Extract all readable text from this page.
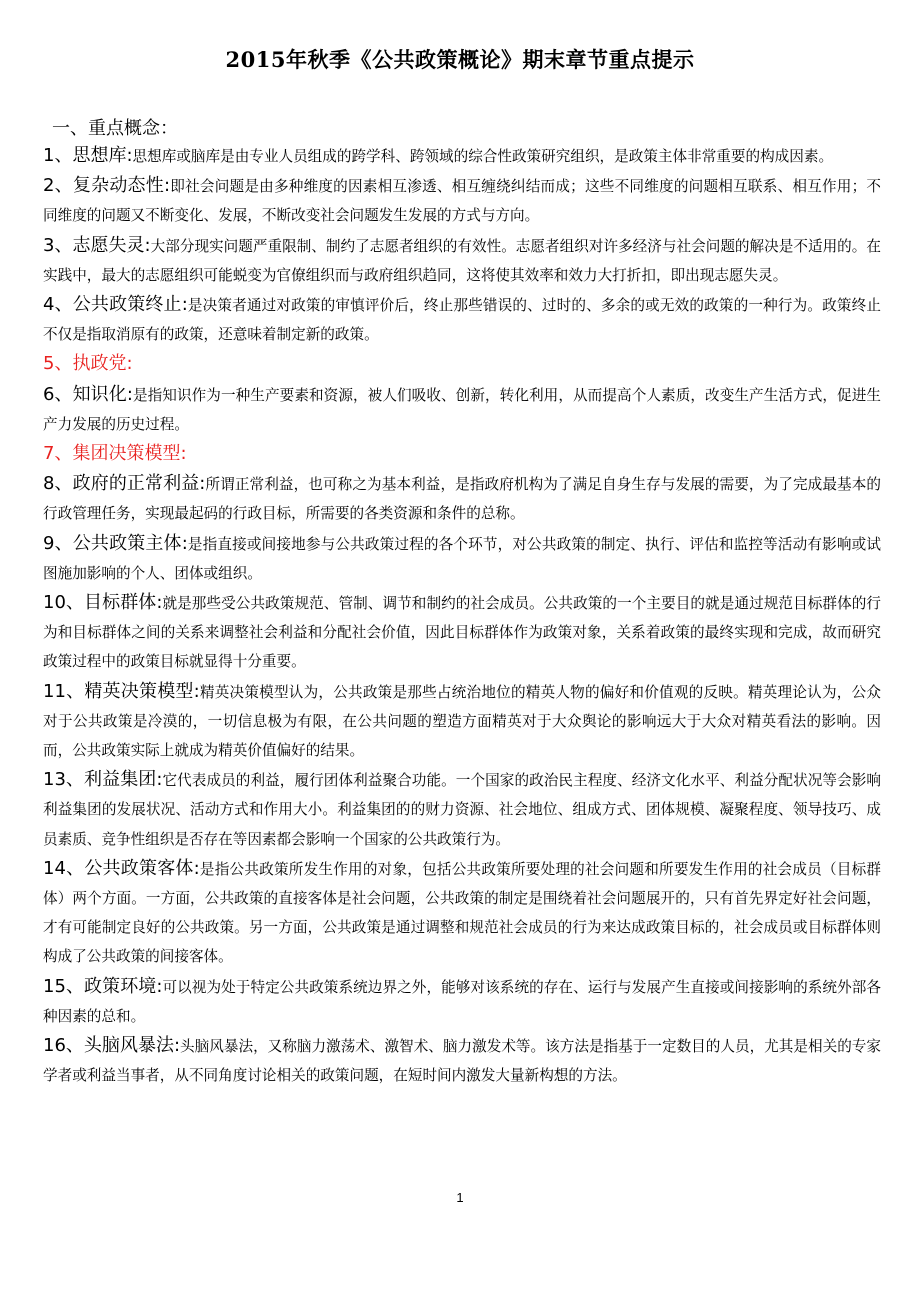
2015年秋季《公共政策概论》期末章节重点提示
一、重点概念：

1、思想库:思想库或脑库是由专业人员组成的跨学科、跨领域的综合性政策研究组织，是政策主体非常重要的构成因素。

2、复杂动态性:即社会问题是由多种维度的因素相互渗透、相互缠绕纠结而成；这些不同维度的问题相互联系、相互作用；不同维度的问题又不断变化、发展，不断改变社会问题发生发展的方式与方向。

3、志愿失灵:大部分现实问题严重限制、制约了志愿者组织的有效性。志愿者组织对许多经济与社会问题的解决是不适用的。在实践中，最大的志愿组织可能蜕变为官僚组织而与政府组织趋同，这将使其效率和效力大打折扣，即出现志愿失灵。

4、公共政策终止:是决策者通过对政策的审慎评价后，终止那些错误的、过时的、多余的或无效的政策的一种行为。政策终止不仅是指取消原有的政策，还意味着制定新的政策。

5、执政党:

6、知识化:是指知识作为一种生产要素和资源，被人们吸收、创新，转化利用，从而提高个人素质，改变生产生活方式，促进生产力发展的历史过程。

7、集团决策模型:

8、政府的正常利益:所谓正常利益，也可称之为基本利益，是指政府机构为了满足自身生存与发展的需要，为了完成最基本的行政管理任务，实现最起码的行政目标，所需要的各类资源和条件的总称。

9、公共政策主体:是指直接或间接地参与公共政策过程的各个环节，对公共政策的制定、执行、评估和监控等活动有影响或试图施加影响的个人、团体或组织。

10、目标群体:就是那些受公共政策规范、管制、调节和制约的社会成员。公共政策的一个主要目的就是通过规范目标群体的行为和目标群体之间的关系来调整社会利益和分配社会价值，因此目标群体作为政策对象，关系着政策的最终实现和完成，故而研究政策过程中的政策目标就显得十分重要。

11、精英决策模型:精英决策模型认为，公共政策是那些占统治地位的精英人物的偏好和价值观的反映。精英理论认为，公众对于公共政策是冷漠的，一切信息极为有限，在公共问题的塑造方面精英对于大众舆论的影响远大于大众对精英看法的影响。因而，公共政策实际上就成为精英价值偏好的结果。

13、利益集团:它代表成员的利益，履行团体利益聚合功能。一个国家的政治民主程度、经济文化水平、利益分配状况等会影响利益集团的发展状况、活动方式和作用大小。利益集团的的财力资源、社会地位、组成方式、团体规模、凝聚程度、领导技巧、成员素质、竞争性组织是否存在等因素都会影响一个国家的公共政策行为。

14、公共政策客体:是指公共政策所发生作用的对象，包括公共政策所要处理的社会问题和所要发生作用的社会成员（目标群体）两个方面。一方面，公共政策的直接客体是社会问题，公共政策的制定是围绕着社会问题展开的，只有首先界定好社会问题，才有可能制定良好的公共政策。另一方面，公共政策是通过调整和规范社会成员的行为来达成政策目标的，社会成员或目标群体则构成了公共政策的间接客体。

15、政策环境:可以视为处于特定公共政策系统边界之外，能够对该系统的存在、运行与发展产生直接或间接影响的系统外部各种因素的总和。

16、头脑风暴法:头脑风暴法，又称脑力激荡术、激智术、脑力激发术等。该方法是指基于一定数目的人员，尤其是相关的专家学者或利益当事者，从不同角度讨论相关的政策问题，在短时间内激发大量新构想的方法。

1
